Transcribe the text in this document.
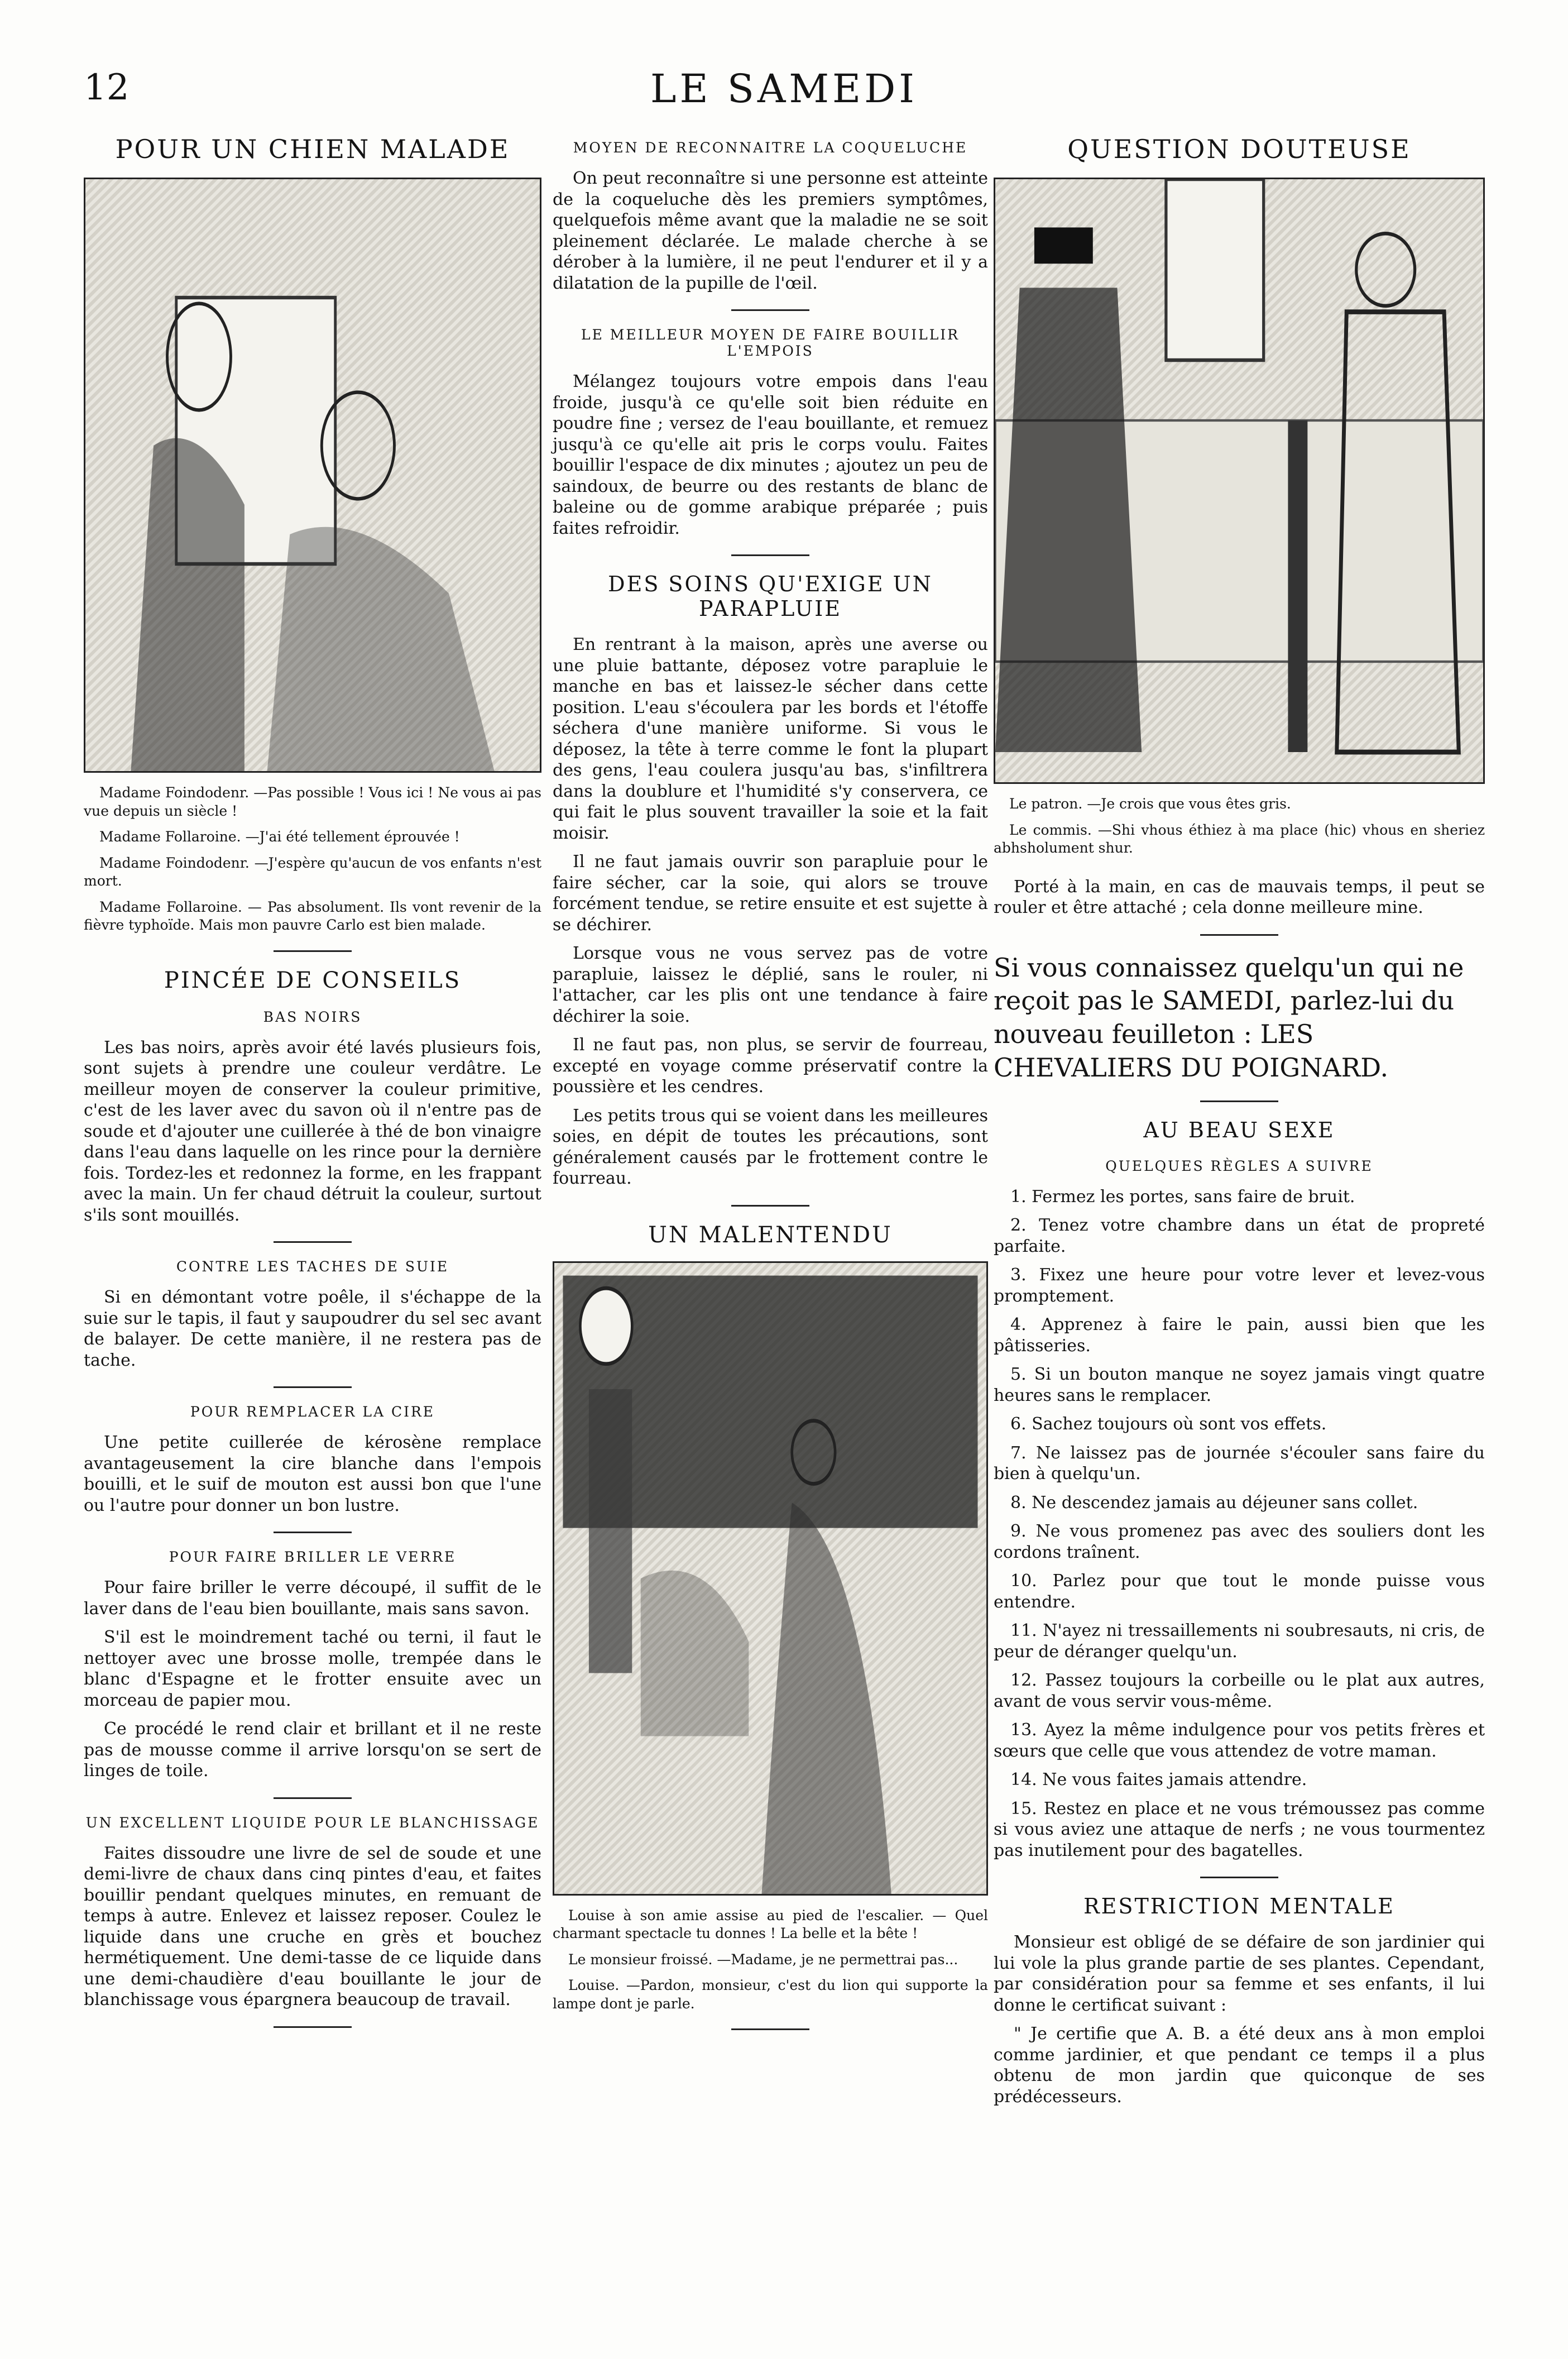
12	LE SAMEDI
POUR UN CHIEN MALADE

Madame Foindodenr. —Pas possible ! Vous ici ! Ne vous ai pas vue depuis un siècle !

Madame Follaroine. —J'ai été tellement éprouvée !

Madame Foindodenr. —J'espère qu'aucun de vos enfants n'est mort.

Madame Follaroine. — Pas absolument. Ils vont revenir de la fièvre typhoïde. Mais mon pauvre Carlo est bien malade.

PINCÉE DE CONSEILS
BAS NOIRS

Les bas noirs, après avoir été lavés plusieurs fois, sont sujets à prendre une couleur verdâtre. Le meilleur moyen de conserver la couleur primitive, c'est de les laver avec du savon où il n'entre pas de soude et d'ajouter une cuillerée à thé de bon vinaigre dans l'eau dans laquelle on les rince pour la dernière fois. Tordez-les et redonnez la forme, en les frappant avec la main. Un fer chaud détruit la couleur, surtout s'ils sont mouillés.

CONTRE LES TACHES DE SUIE

Si en démontant votre poêle, il s'échappe de la suie sur le tapis, il faut y saupoudrer du sel sec avant de balayer. De cette manière, il ne restera pas de tache.

POUR REMPLACER LA CIRE

Une petite cuillerée de kérosène remplace avantageusement la cire blanche dans l'empois bouilli, et le suif de mouton est aussi bon que l'une ou l'autre pour donner un bon lustre.

POUR FAIRE BRILLER LE VERRE

Pour faire briller le verre découpé, il suffit de le laver dans de l'eau bien bouillante, mais sans savon.

S'il est le moindrement taché ou terni, il faut le nettoyer avec une brosse molle, trempée dans le blanc d'Espagne et le frotter ensuite avec un morceau de papier mou.

Ce procédé le rend clair et brillant et il ne reste pas de mousse comme il arrive lorsqu'on se sert de linges de toile.

UN EXCELLENT LIQUIDE POUR LE BLANCHISSAGE

Faites dissoudre une livre de sel de soude et une demi-livre de chaux dans cinq pintes d'eau, et faites bouillir pendant quelques minutes, en remuant de temps à autre. Enlevez et laissez reposer. Coulez le liquide dans une cruche en grès et bouchez hermétiquement. Une demi-tasse de ce liquide dans une demi-chaudière d'eau bouillante le jour de blanchissage vous épargnera beaucoup de travail.

MOYEN DE RECONNAITRE LA COQUELUCHE

On peut reconnaître si une personne est atteinte de la coqueluche dès les premiers symptômes, quelquefois même avant que la maladie ne se soit pleinement déclarée. Le malade cherche à se dérober à la lumière, il ne peut l'endurer et il y a dilatation de la pupille de l'œil.

LE MEILLEUR MOYEN DE FAIRE BOUILLIR L'EMPOIS

Mélangez toujours votre empois dans l'eau froide, jusqu'à ce qu'elle soit bien réduite en poudre fine ; versez de l'eau bouillante, et remuez jusqu'à ce qu'elle ait pris le corps voulu. Faites bouillir l'espace de dix minutes ; ajoutez un peu de saindoux, de beurre ou des restants de blanc de baleine ou de gomme arabique préparée ; puis faites refroidir.

DES SOINS QU'EXIGE UN PARAPLUIE

En rentrant à la maison, après une averse ou une pluie battante, déposez votre parapluie le manche en bas et laissez-le sécher dans cette position. L'eau s'écoulera par les bords et l'étoffe séchera d'une manière uniforme. Si vous le déposez, la tête à terre comme le font la plupart des gens, l'eau coulera jusqu'au bas, s'infiltrera dans la doublure et l'humidité s'y conservera, ce qui fait le plus souvent travailler la soie et la fait moisir.

Il ne faut jamais ouvrir son parapluie pour le faire sécher, car la soie, qui alors se trouve forcément tendue, se retire ensuite et est sujette à se déchirer.

Lorsque vous ne vous servez pas de votre parapluie, laissez le déplié, sans le rouler, ni l'attacher, car les plis ont une tendance à faire déchirer la soie.

Il ne faut pas, non plus, se servir de fourreau, excepté en voyage comme préservatif contre la poussière et les cendres.

Les petits trous qui se voient dans les meilleures soies, en dépit de toutes les précautions, sont généralement causés par le frottement contre le fourreau.

UN MALENTENDU

Louise à son amie assise au pied de l'escalier. — Quel charmant spectacle tu donnes ! La belle et la bête !

Le monsieur froissé. —Madame, je ne permettrai pas...

Louise. —Pardon, monsieur, c'est du lion qui supporte la lampe dont je parle.

QUESTION DOUTEUSE

Le patron. —Je crois que vous êtes gris.

Le commis. —Shi vhous éthiez à ma place (hic) vhous en sheriez abhsholument shur.

Porté à la main, en cas de mauvais temps, il peut se rouler et être attaché ; cela donne meilleure mine.

Si vous connaissez quelqu'un qui ne reçoit pas le SAMEDI, parlez-lui du nouveau feuilleton : LES CHEVALIERS DU POIGNARD.
AU BEAU SEXE
QUELQUES RÈGLES A SUIVRE

1. Fermez les portes, sans faire de bruit.

2. Tenez votre chambre dans un état de propreté parfaite.

3. Fixez une heure pour votre lever et levez-vous promptement.

4. Apprenez à faire le pain, aussi bien que les pâtisseries.

5. Si un bouton manque ne soyez jamais vingt quatre heures sans le remplacer.

6. Sachez toujours où sont vos effets.

7. Ne laissez pas de journée s'écouler sans faire du bien à quelqu'un.

8. Ne descendez jamais au déjeuner sans collet.

9. Ne vous promenez pas avec des souliers dont les cordons traînent.

10. Parlez pour que tout le monde puisse vous entendre.

11. N'ayez ni tressaillements ni soubresauts, ni cris, de peur de déranger quelqu'un.

12. Passez toujours la corbeille ou le plat aux autres, avant de vous servir vous-même.

13. Ayez la même indulgence pour vos petits frères et sœurs que celle que vous attendez de votre maman.

14. Ne vous faites jamais attendre.

15. Restez en place et ne vous trémoussez pas comme si vous aviez une attaque de nerfs ; ne vous tourmentez pas inutilement pour des bagatelles.

RESTRICTION MENTALE

Monsieur est obligé de se défaire de son jardinier qui lui vole la plus grande partie de ses plantes. Cependant, par considération pour sa femme et ses enfants, il lui donne le certificat suivant :

" Je certifie que A. B. a été deux ans à mon emploi comme jardinier, et que pendant ce temps il a plus obtenu de mon jardin que quiconque de ses prédécesseurs.
